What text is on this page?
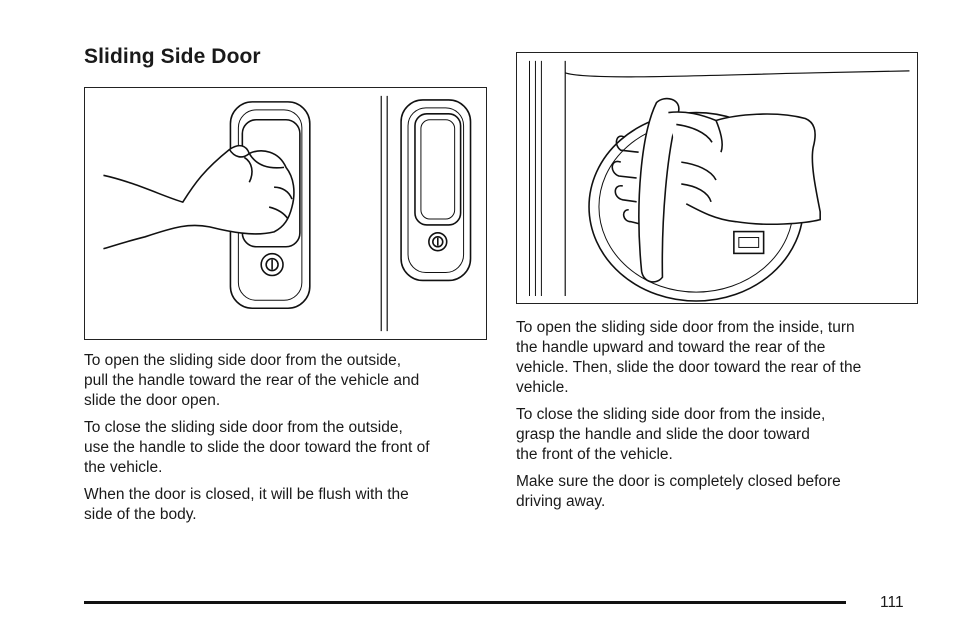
Sliding Side Door

To open the sliding side door from the outside,
pull the handle toward the rear of the vehicle and
slide the door open.

To close the sliding side door from the outside,
use the handle to slide the door toward the front of
the vehicle.

When the door is closed, it will be flush with the
side of the body.

To open the sliding side door from the inside, turn
the handle upward and toward the rear of the
vehicle. Then, slide the door toward the rear of the
vehicle.

To close the sliding side door from the inside,
grasp the handle and slide the door toward
the front of the vehicle.

Make sure the door is completely closed before
driving away.

111
